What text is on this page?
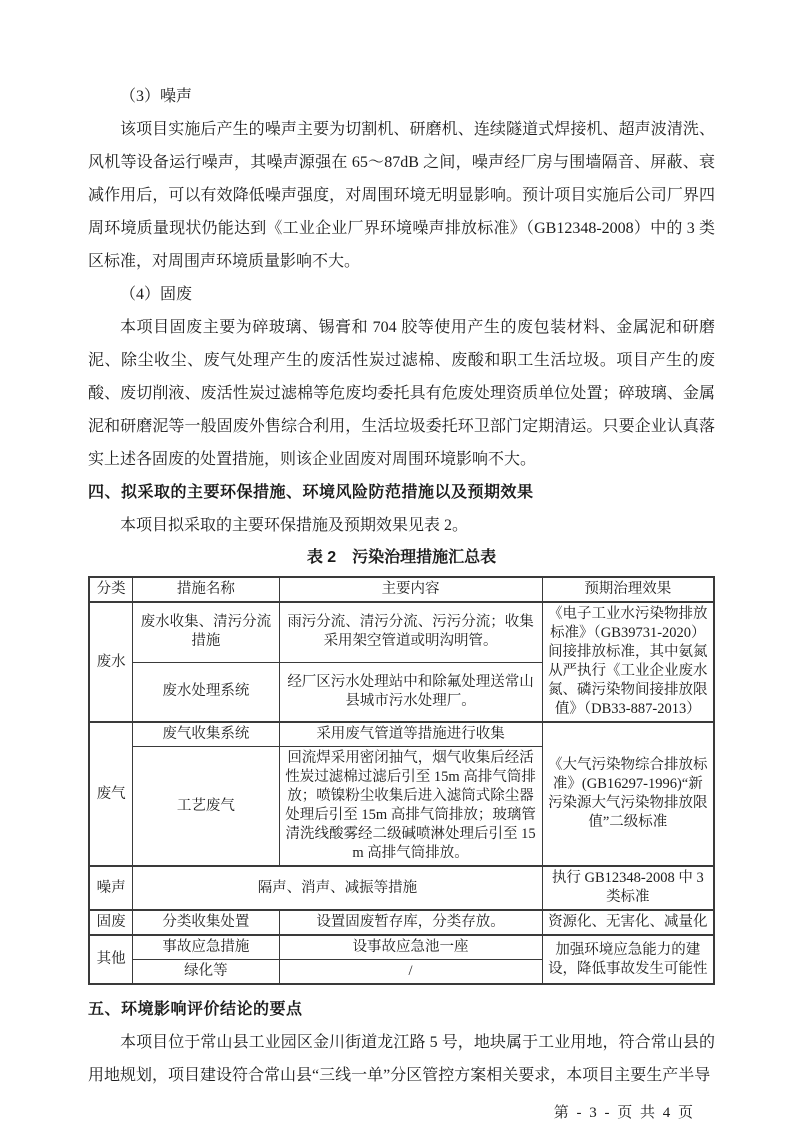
（3）噪声

该项目实施后产生的噪声主要为切割机、研磨机、连续隧道式焊接机、超声波清洗、风机等设备运行噪声，其噪声源强在 65～87dB 之间，噪声经厂房与围墙隔音、屏蔽、衰减作用后，可以有效降低噪声强度，对周围环境无明显影响。预计项目实施后公司厂界四周环境质量现状仍能达到《工业企业厂界环境噪声排放标准》（GB12348-2008）中的 3 类区标准，对周围声环境质量影响不大。

（4）固废

本项目固废主要为碎玻璃、锡膏和 704 胶等使用产生的废包装材料、金属泥和研磨泥、除尘收尘、废气处理产生的废活性炭过滤棉、废酸和职工生活垃圾。项目产生的废酸、废切削液、废活性炭过滤棉等危废均委托具有危废处理资质单位处置；碎玻璃、金属泥和研磨泥等一般固废外售综合利用，生活垃圾委托环卫部门定期清运。只要企业认真落实上述各固废的处置措施，则该企业固废对周围环境影响不大。

四、拟采取的主要环保措施、环境风险防范措施以及预期效果

本项目拟采取的主要环保措施及预期效果见表 2。

表 2　污染治理措施汇总表

分类	措施名称	主要内容	预期治理效果
废水	废水收集、清污分流措施	雨污分流、清污分流、污污分流；收集采用架空管道或明沟明管。	《电子工业水污染物排放标准》（GB39731-2020）间接排放标准，其中氨氮从严执行《工业企业废水氮、磷污染物间接排放限值》（DB33-887-2013）
	废水处理系统	经厂区污水处理站中和除氟处理送常山县城市污水处理厂。	
废气	废气收集系统	采用废气管道等措施进行收集	《大气污染物综合排放标准》(GB16297-1996)“新污染源大气污染物排放限值”二级标准
	工艺废气	回流焊采用密闭抽气，烟气收集后经活性炭过滤棉过滤后引至 15m 高排气筒排放；喷镍粉尘收集后进入滤筒式除尘器处理后引至 15m 高排气筒排放；玻璃管清洗线酸雾经二级碱喷淋处理后引至 15m 高排气筒排放。	
噪声	隔声、消声、减振等措施		执行 GB12348-2008 中 3 类标准
固废	分类收集处置	设置固废暂存库，分类存放。	资源化、无害化、减量化
其他	事故应急措施	设事故应急池一座	加强环境应急能力的建设，降低事故发生可能性
	绿化等	/	
五、环境影响评价结论的要点

本项目位于常山县工业园区金川街道龙江路 5 号，地块属于工业用地，符合常山县的用地规划，项目建设符合常山县“三线一单”分区管控方案相关要求，本项目主要生产半导

第 - 3 - 页 共 4 页
